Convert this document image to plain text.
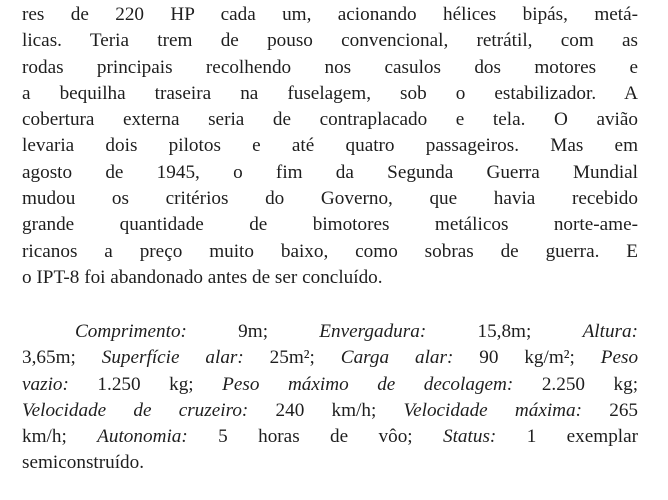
res de 220 HP cada um, acionando hélices bipás, metá-
licas. Teria trem de pouso convencional, retrátil, com as
rodas principais recolhendo nos casulos dos motores e
a bequilha traseira na fuselagem, sob o estabilizador. A
cobertura externa seria de contraplacado e tela. O avião
levaria dois pilotos e até quatro passageiros. Mas em
agosto de 1945, o fim da Segunda Guerra Mundial
mudou os critérios do Governo, que havia recebido
grande quantidade de bimotores metálicos norte-ame-
ricanos a preço muito baixo, como sobras de guerra. E
o IPT-8 foi abandonado antes de ser concluído.
Comprimento:	9m;	Envergadura:	15,8m;	Altura:
3,65m; Superfície alar: 25m²; Carga alar: 90 kg/m²; Peso
vazio: 1.250 kg; Peso máximo de decolagem: 2.250 kg;
Velocidade de cruzeiro: 240 km/h; Velocidade máxima: 265
km/h; Autonomia: 5 horas de vôo; Status: 1 exemplar
semiconstruído.
